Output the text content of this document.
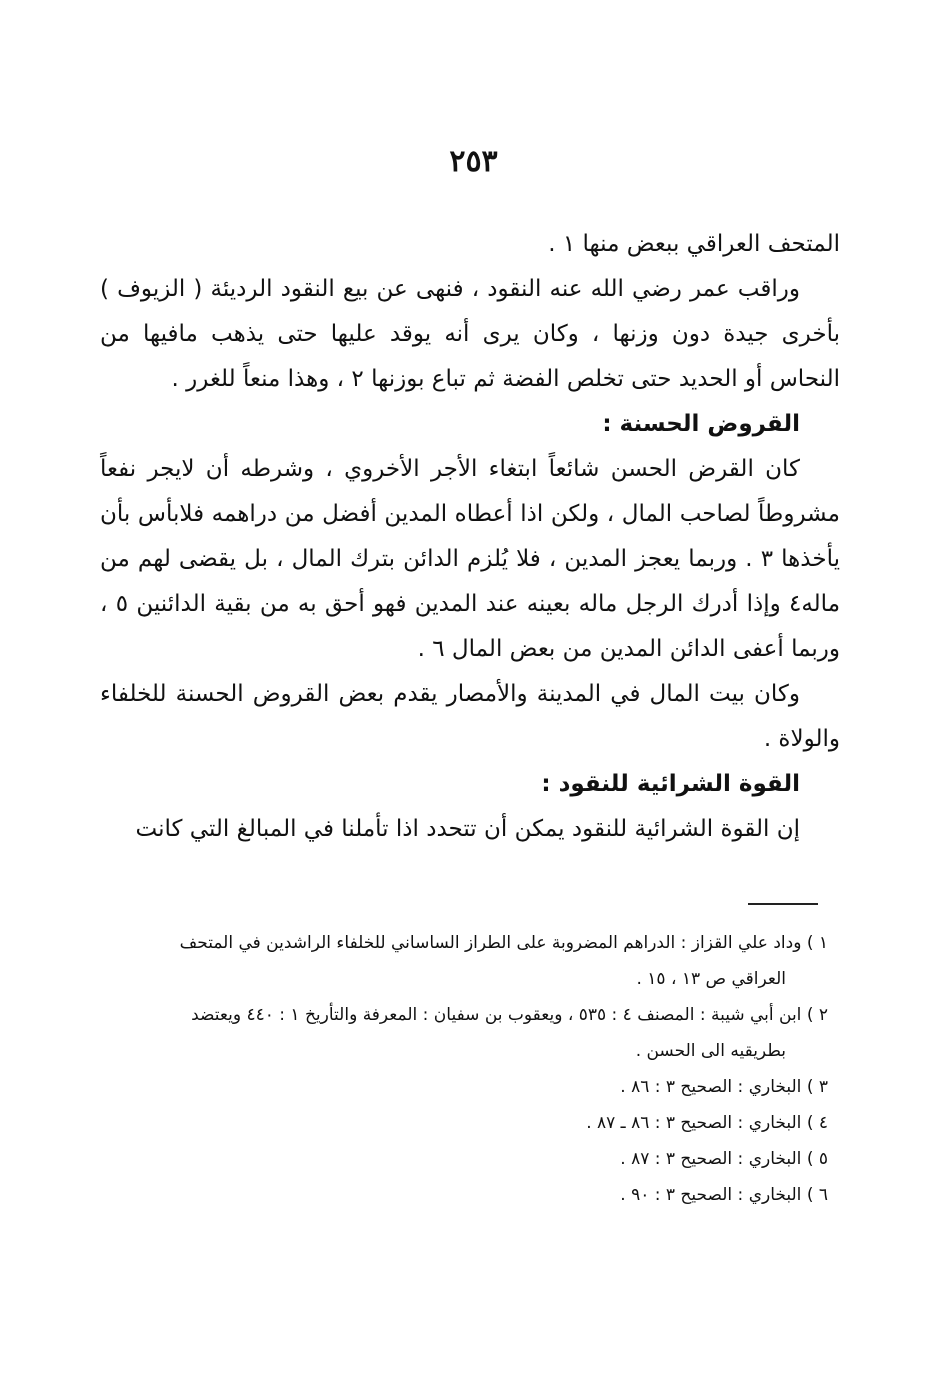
٢٥٣

المتحف العراقي ببعض منها ١ .

وراقب عمر رضي الله عنه النقود ، فنهى عن بيع النقود الرديئة ( الزيوف ) بأخرى جيدة دون وزنها ، وكان يرى أنه يوقد عليها حتى يذهب مافيها من النحاس أو الحديد حتى تخلص الفضة ثم تباع بوزنها ٢ ، وهذا منعاً للغرر .

القروض الحسنة :

كان القرض الحسن شائعاً ابتغاء الأجر الأخروي ، وشرطه أن لايجر نفعاً مشروطاً لصاحب المال ، ولكن اذا أعطاه المدين أفضل من دراهمه فلابأس بأن يأخذها ٣ . وربما يعجز المدين ، فلا يُلزم الدائن بترك المال ، بل يقضى لهم من ماله٤ وإذا أدرك الرجل ماله بعينه عند المدين فهو أحق به من بقية الدائنين ٥ ، وربما أعفى الدائن المدين من بعض المال ٦ .

وكان بيت المال في المدينة والأمصار يقدم بعض القروض الحسنة للخلفاء والولاة .

القوة الشرائية للنقود :

إن القوة الشرائية للنقود يمكن أن تتحدد اذا تأملنا في المبالغ التي كانت

١ ) وداد علي القزاز : الدراهم المضروبة على الطراز الساساني للخلفاء الراشدين في المتحف
العراقي ص ١٣ ، ١٥ .

٢ ) ابن أبي شيبة : المصنف ٤ : ٥٣٥ ، ويعقوب بن سفيان : المعرفة والتأريخ ١ : ٤٤٠ ويعتضد
بطريقيه الى الحسن .

٣ ) البخاري : الصحيح ٣ : ٨٦ .

٤ ) البخاري : الصحيح ٣ : ٨٦ ـ ٨٧ .

٥ ) البخاري : الصحيح ٣ : ٨٧ .

٦ ) البخاري : الصحيح ٣ : ٩٠ .
